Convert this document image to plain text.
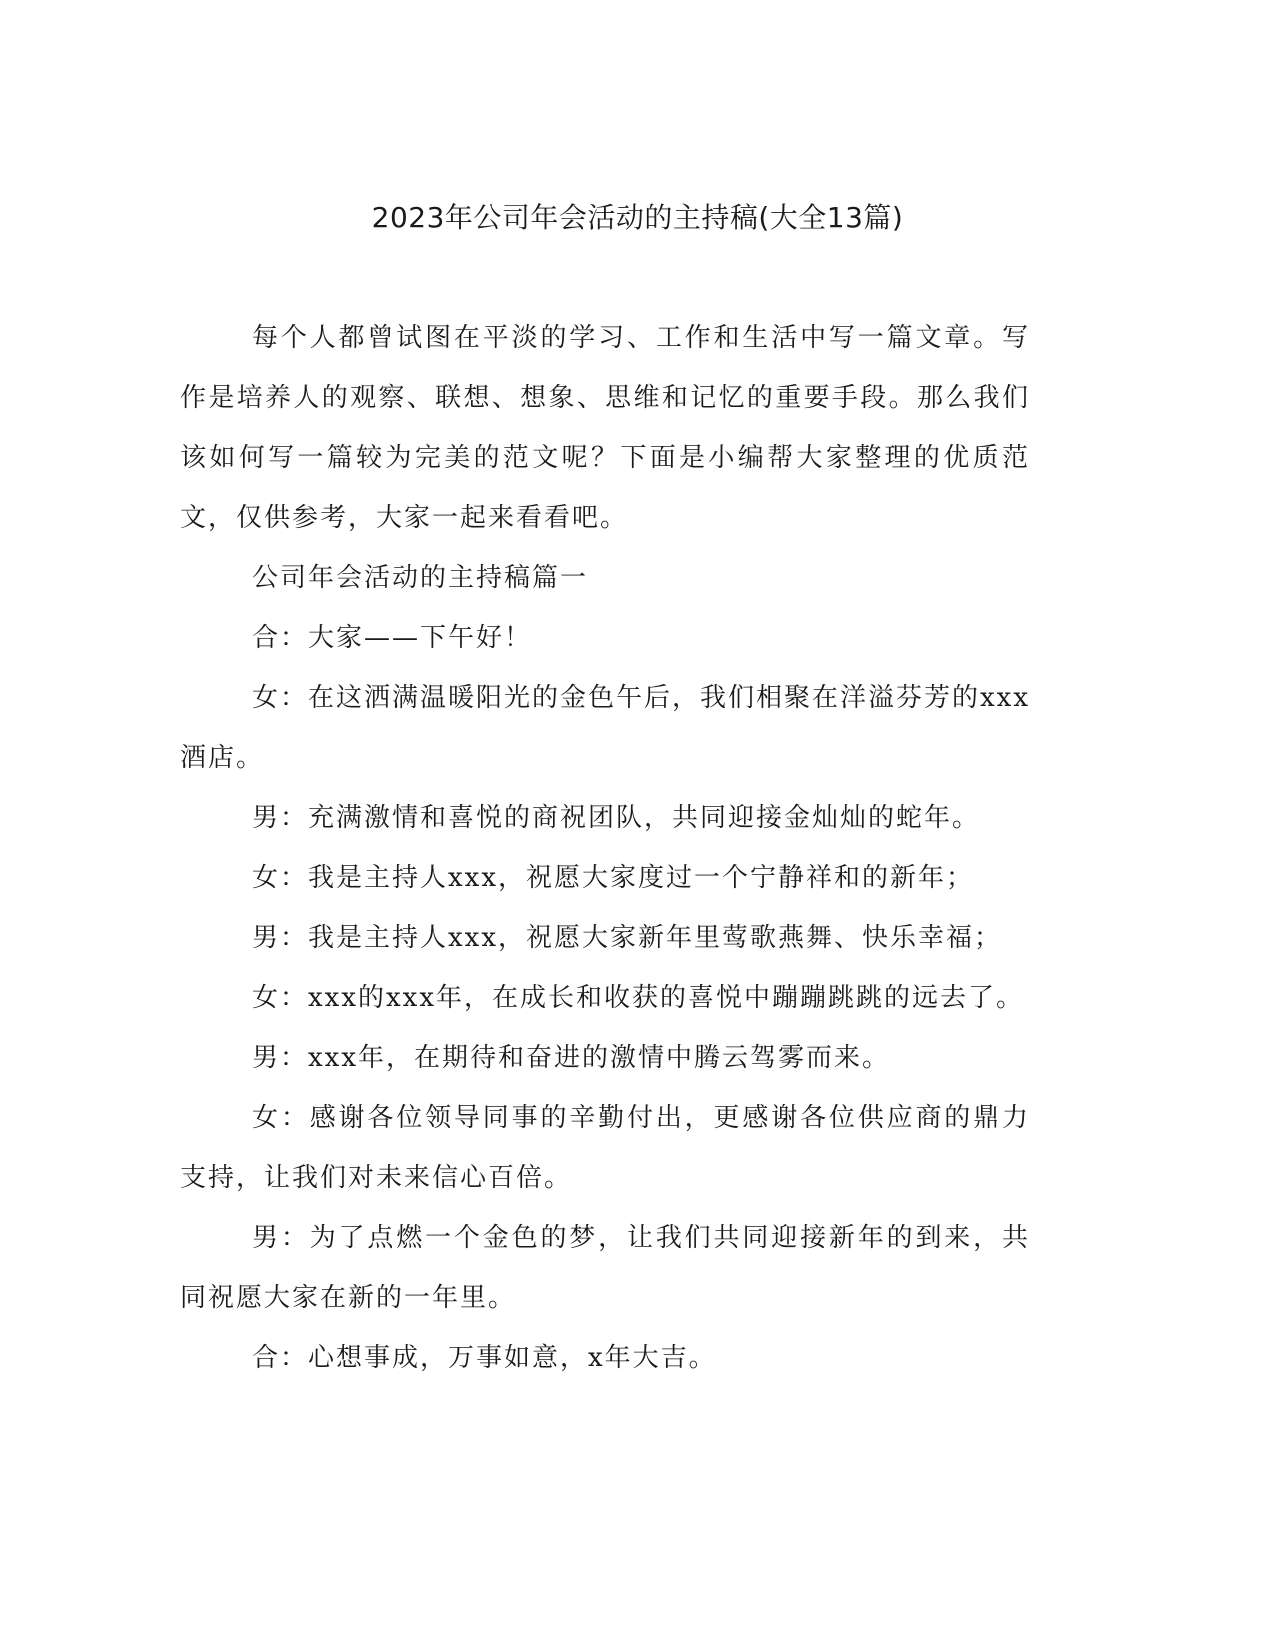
2023年公司年会活动的主持稿(大全13篇)

每个人都曾试图在平淡的学习、工作和生活中写一篇文章。写作是培养人的观察、联想、想象、思维和记忆的重要手段。那么我们该如何写一篇较为完美的范文呢？下面是小编帮大家整理的优质范文，仅供参考，大家一起来看看吧。

公司年会活动的主持稿篇一

合：大家——下午好！

女：在这洒满温暖阳光的金色午后，我们相聚在洋溢芬芳的xxx酒店。

男：充满激情和喜悦的商祝团队，共同迎接金灿灿的蛇年。

女：我是主持人xxx，祝愿大家度过一个宁静祥和的新年；

男：我是主持人xxx，祝愿大家新年里莺歌燕舞、快乐幸福；

女：xxx的xxx年，在成长和收获的喜悦中蹦蹦跳跳的远去了。

男：xxx年，在期待和奋进的激情中腾云驾雾而来。

女：感谢各位领导同事的辛勤付出，更感谢各位供应商的鼎力支持，让我们对未来信心百倍。

男：为了点燃一个金色的梦，让我们共同迎接新年的到来，共同祝愿大家在新的一年里。

合：心想事成，万事如意，x年大吉。
